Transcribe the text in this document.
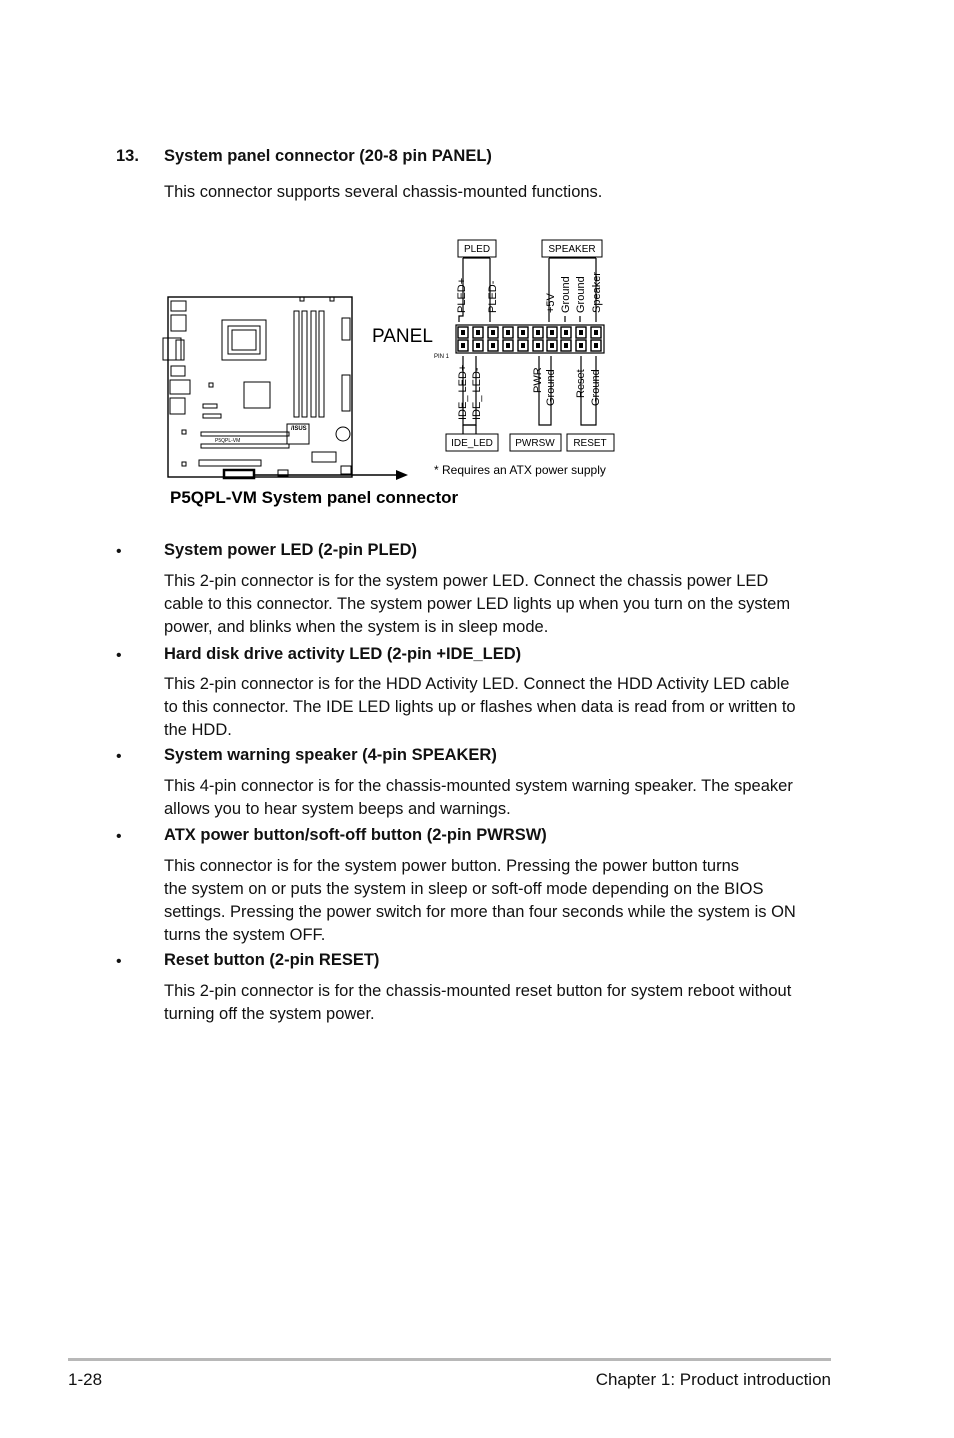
13. System panel connector (20-8 pin PANEL)
This connector supports several chassis-mounted functions.
P5QPL-VM
/ISUS
PANEL
PIN 1
PLED	SPEAKER
IDE_LED PWRSW RESET
PLED+ PLED-	+5V Ground Ground Speaker
IDE_ LED+ IDE_ LED-	PWR Ground Reset Ground
* Requires an ATX power supply
P5QPL-VM System panel connector
•	System power LED (2-pin PLED)
This 2-pin connector is for the system power LED. Connect the chassis power LED
cable to this connector. The system power LED lights up when you turn on the system
power, and blinks when the system is in sleep mode.
•	Hard disk drive activity LED (2-pin +IDE_LED)
This 2-pin connector is for the HDD Activity LED. Connect the HDD Activity LED cable
to this connector. The IDE LED lights up or flashes when data is read from or written to
the HDD.
•	System warning speaker (4-pin SPEAKER)
This 4-pin connector is for the chassis-mounted system warning speaker. The speaker
allows you to hear system beeps and warnings.
•	ATX power button/soft-off button (2-pin PWRSW)
This connector is for the system power button. Pressing the power button turns
the system on or puts the system in sleep or soft-off mode depending on the BIOS
settings. Pressing the power switch for more than four seconds while the system is ON
turns the system OFF.
•	Reset button (2-pin RESET)
This 2-pin connector is for the chassis-mounted reset button for system reboot without
turning off the system power.
1-28	Chapter 1: Product introduction
